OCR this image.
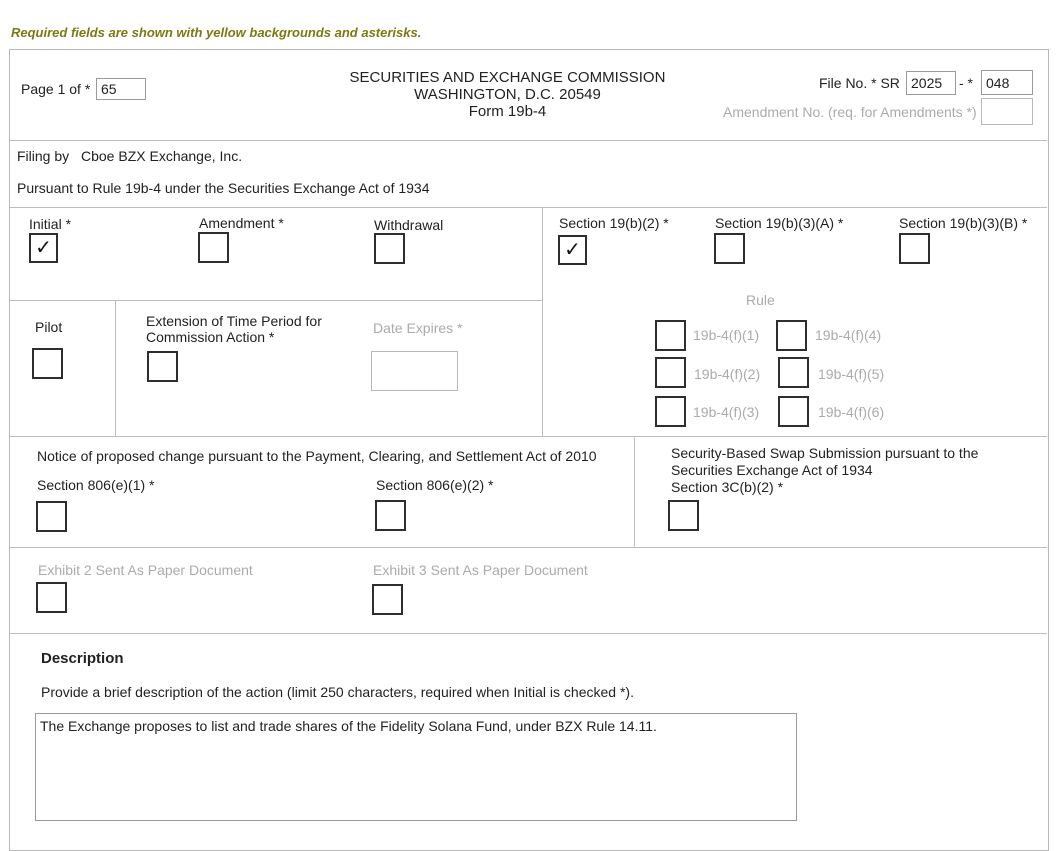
Required fields are shown with yellow backgrounds and asterisks.
Page 1 of *
65
SECURITIES AND EXCHANGE COMMISSION
WASHINGTON, D.C. 20549
Form 19b-4
File No. * SR
2025	- *
048
Amendment No. (req. for Amendments *)
Filing by Cboe BZX Exchange, Inc.
Pursuant to Rule 19b-4 under the Securities Exchange Act of 1934
Initial *
✓
Amendment *	Withdrawal	Section 19(b)(2) *
✓
Section 19(b)(3)(A) *	Section 19(b)(3)(B) *
Pilot	Extension of Time Period for
Commission Action *
Date Expires *
Rule
19b-4(f)(1)	19b-4(f)(4)
19b-4(f)(2)	19b-4(f)(5)
19b-4(f)(3)	19b-4(f)(6)
Notice of proposed change pursuant to the Payment, Clearing, and Settlement Act of 2010
Section 806(e)(1) *	Section 806(e)(2) *
Security-Based Swap Submission pursuant to the
Securities Exchange Act of 1934
Section 3C(b)(2) *
Exhibit 2 Sent As Paper Document	Exhibit 3 Sent As Paper Document
Description
Provide a brief description of the action (limit 250 characters, required when Initial is checked *).
The Exchange proposes to list and trade shares of the Fidelity Solana Fund, under BZX Rule 14.11.
